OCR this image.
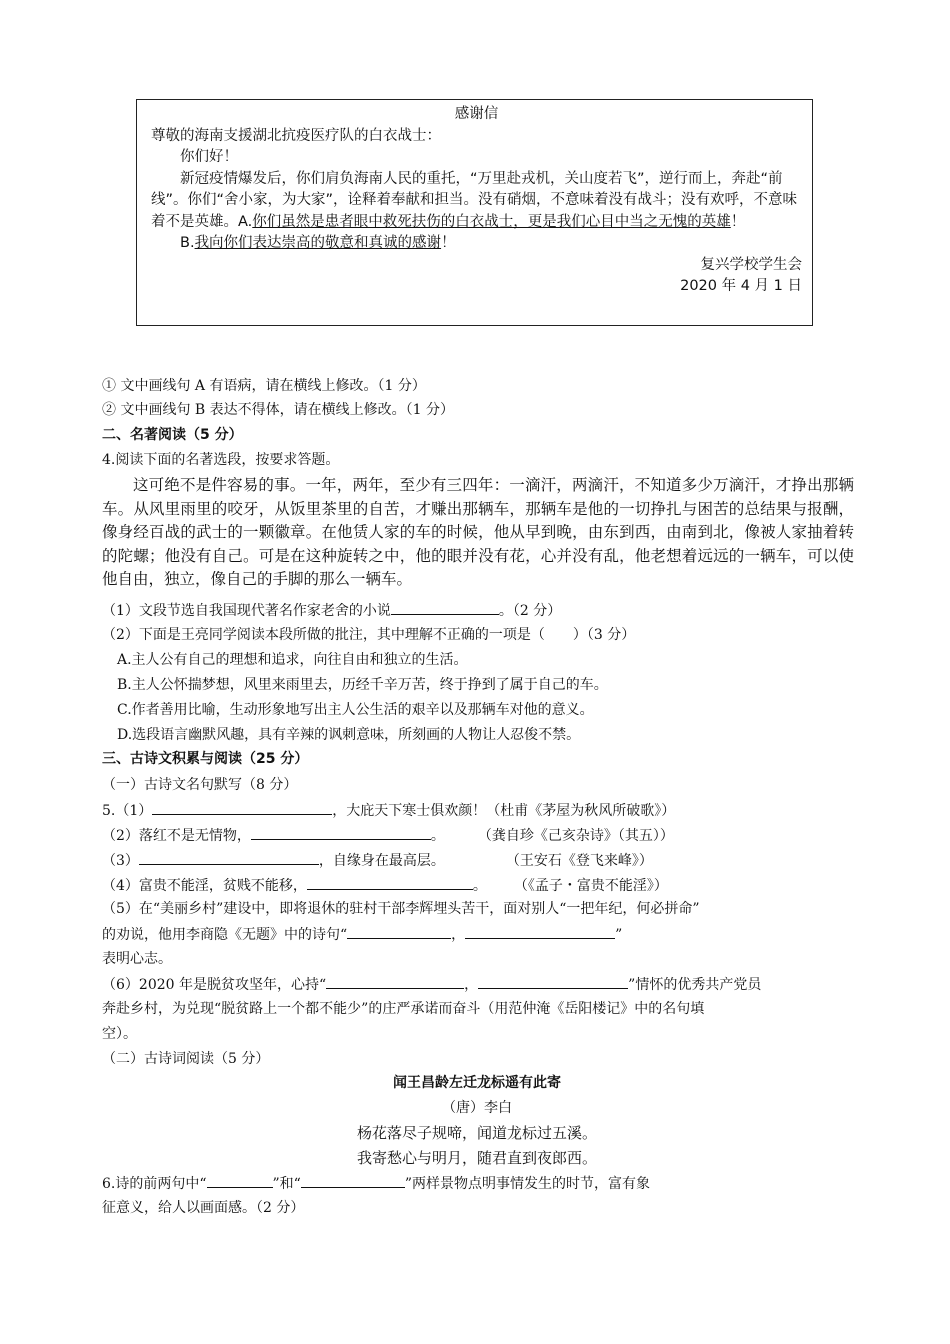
感谢信
尊敬的海南支援湖北抗疫医疗队的白衣战士：
你们好！
新冠疫情爆发后，你们肩负海南人民的重托，“万里赴戎机，关山度若飞”，逆行而上，奔赴“前线”。你们“舍小家，为大家”，诠释着奉献和担当。没有硝烟，不意味着没有战斗；没有欢呼，不意味着不是英雄。A.你们虽然是患者眼中救死扶伤的白衣战士，更是我们心目中当之无愧的英雄！
B.我向你们表达崇高的敬意和真诚的感谢！
复兴学校学生会
2020 年 4 月 1 日
① 文中画线句 A 有语病，请在横线上修改。（1 分）
② 文中画线句 B 表达不得体，请在横线上修改。（1 分）
二、名著阅读（5 分）
4.阅读下面的名著选段，按要求答题。
这可绝不是件容易的事。一年，两年，至少有三四年：一滴汗，两滴汗，不知道多少万滴汗，才挣出那辆车。从风里雨里的咬牙，从饭里茶里的自苦，才赚出那辆车，那辆车是他的一切挣扎与困苦的总结果与报酬，像身经百战的武士的一颗徽章。在他赁人家的车的时候，他从早到晚，由东到西，由南到北，像被人家抽着转的陀螺；他没有自己。可是在这种旋转之中，他的眼并没有花，心并没有乱，他老想着远远的一辆车，可以使他自由，独立，像自己的手脚的那么一辆车。
（1）文段节选自我国现代著名作家老舍的小说	。（2 分）
（2）下面是王亮同学阅读本段所做的批注，其中理解不正确的一项是（　　）（3 分）
A.主人公有自己的理想和追求，向往自由和独立的生活。
B.主人公怀揣梦想，风里来雨里去，历经千辛万苦，终于挣到了属于自己的车。
C.作者善用比喻，生动形象地写出主人公生活的艰辛以及那辆车对他的意义。
D.选段语言幽默风趣，具有辛辣的讽刺意味，所刻画的人物让人忍俊不禁。
三、古诗文积累与阅读（25 分）
（一）古诗文名句默写（8 分）
5.（1）	，大庇天下寒士俱欢颜！（杜甫《茅屋为秋风所破歌》）
（2）落红不是无情物，	。	（龚自珍《己亥杂诗》（其五））
（3）	，自缘身在最高层。	（王安石《登飞来峰》）
（4）富贵不能淫，贫贱不能移，	。 （《孟子・富贵不能淫》）
（5）在“美丽乡村”建设中，即将退休的驻村干部李辉埋头苦干，面对别人“一把年纪，何必拼命”
的劝说，他用李商隐《无题》中的诗句“	，	”
表明心志。
（6）2020 年是脱贫攻坚年，心持“	，	”情怀的优秀共产党员
奔赴乡村，为兑现“脱贫路上一个都不能少”的庄严承诺而奋斗（用范仲淹《岳阳楼记》中的名句填
空）。
（二）古诗词阅读（5 分）
闻王昌龄左迁龙标遥有此寄
（唐）李白
杨花落尽子规啼，闻道龙标过五溪。
我寄愁心与明月，随君直到夜郎西。
6.诗的前两句中“	”和“	”两样景物点明事情发生的时节，富有象
征意义，给人以画面感。（2 分）
